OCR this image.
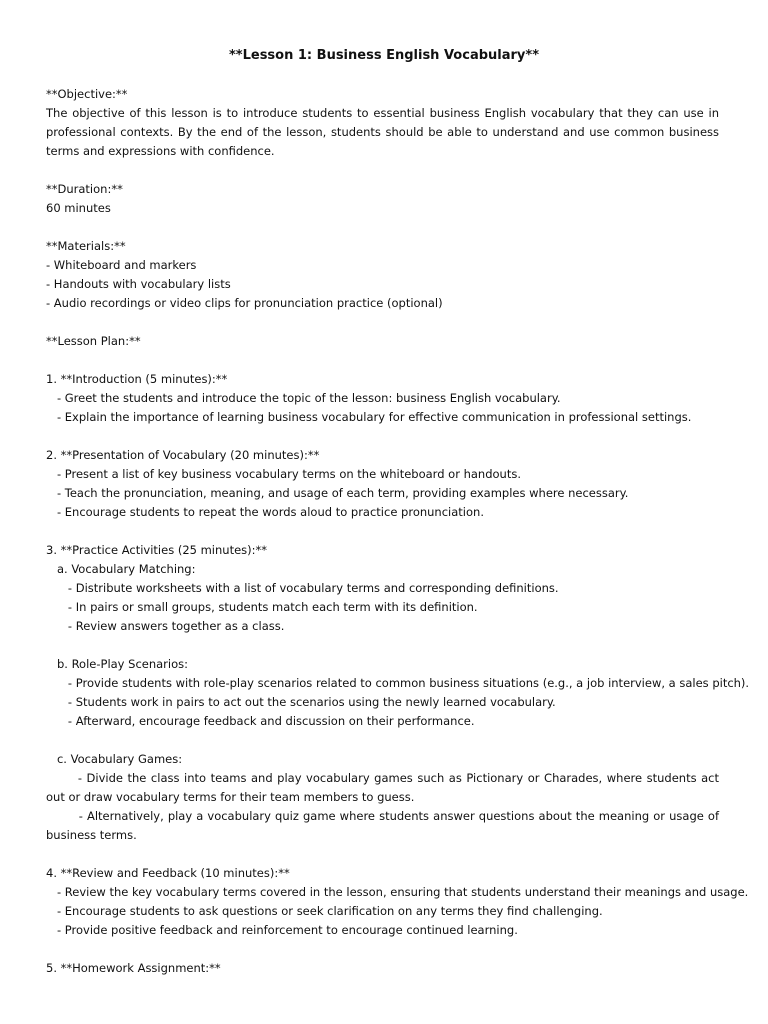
**Lesson 1: Business English Vocabulary**
**Objective:**
The objective of this lesson is to introduce students to essential business English vocabulary that they can use in professional contexts. By the end of the lesson, students should be able to understand and use common business terms and expressions with confidence.
**Duration:**
60 minutes
**Materials:**
- Whiteboard and markers
- Handouts with vocabulary lists
- Audio recordings or video clips for pronunciation practice (optional)
**Lesson Plan:**
1. **Introduction (5 minutes):**
- Greet the students and introduce the topic of the lesson: business English vocabulary.
- Explain the importance of learning business vocabulary for effective communication in professional settings.
2. **Presentation of Vocabulary (20 minutes):**
- Present a list of key business vocabulary terms on the whiteboard or handouts.
- Teach the pronunciation, meaning, and usage of each term, providing examples where necessary.
- Encourage students to repeat the words aloud to practice pronunciation.
3. **Practice Activities (25 minutes):**
a. Vocabulary Matching:
- Distribute worksheets with a list of vocabulary terms and corresponding definitions.
- In pairs or small groups, students match each term with its definition.
- Review answers together as a class.
b. Role-Play Scenarios:
- Provide students with role-play scenarios related to common business situations (e.g., a job interview, a sales pitch).
- Students work in pairs to act out the scenarios using the newly learned vocabulary.
- Afterward, encourage feedback and discussion on their performance.
c. Vocabulary Games:
- Divide the class into teams and play vocabulary games such as Pictionary or Charades, where students act out or draw vocabulary terms for their team members to guess.
- Alternatively, play a vocabulary quiz game where students answer questions about the meaning or usage of business terms.
4. **Review and Feedback (10 minutes):**
- Review the key vocabulary terms covered in the lesson, ensuring that students understand their meanings and usage.
- Encourage students to ask questions or seek clarification on any terms they find challenging.
- Provide positive feedback and reinforcement to encourage continued learning.
5. **Homework Assignment:**
